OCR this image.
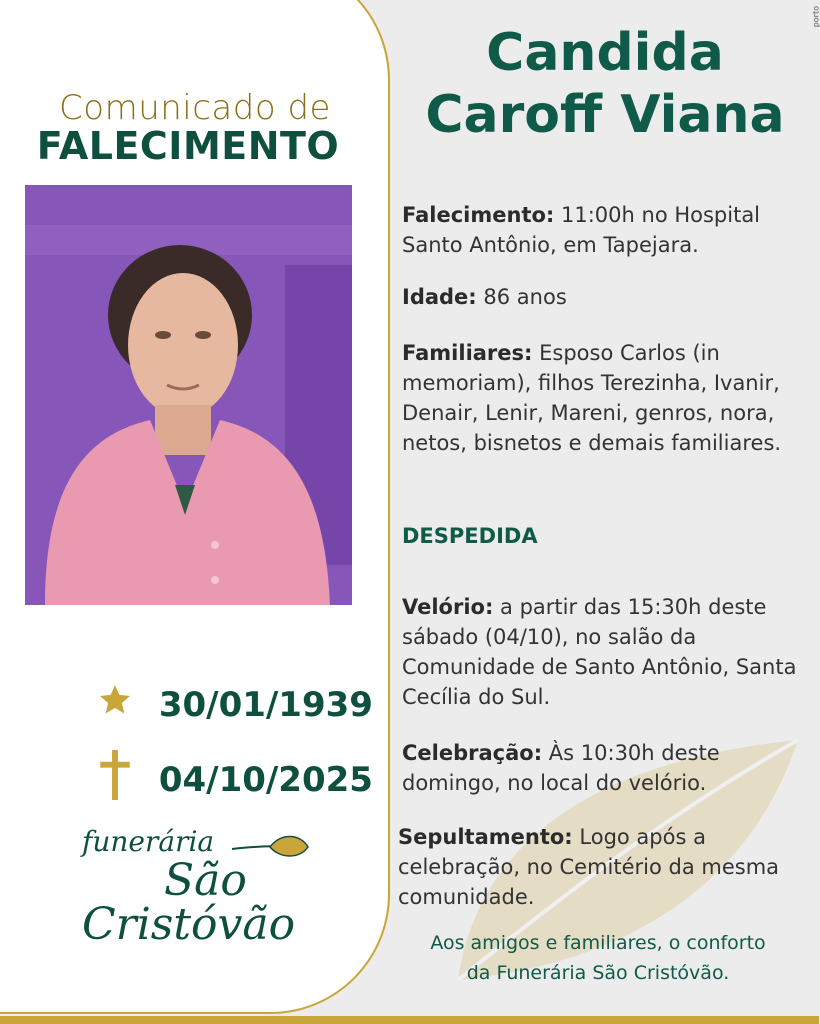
Comunicado de
FALECIMENTO
30/01/1939
04/10/2025
funerária
São
Cristóvão
Candida
Caroff Viana
Falecimento: 11:00h no Hospital Santo Antônio, em Tapejara.
Idade: 86 anos
Familiares: Esposo Carlos (in memoriam), filhos Terezinha, Ivanir, Denair, Lenir, Mareni, genros, nora, netos, bisnetos e demais familiares.
DESPEDIDA
Velório: a partir das 15:30h deste sábado (04/10), no salão da Comunidade de Santo Antônio, Santa Cecília do Sul.
Celebração: Às 10:30h deste domingo, no local do velório.
Sepultamento: Logo após a celebração, no Cemitério da mesma comunidade.
Aos amigos e familiares, o conforto
da Funerária São Cristóvão.
porto
